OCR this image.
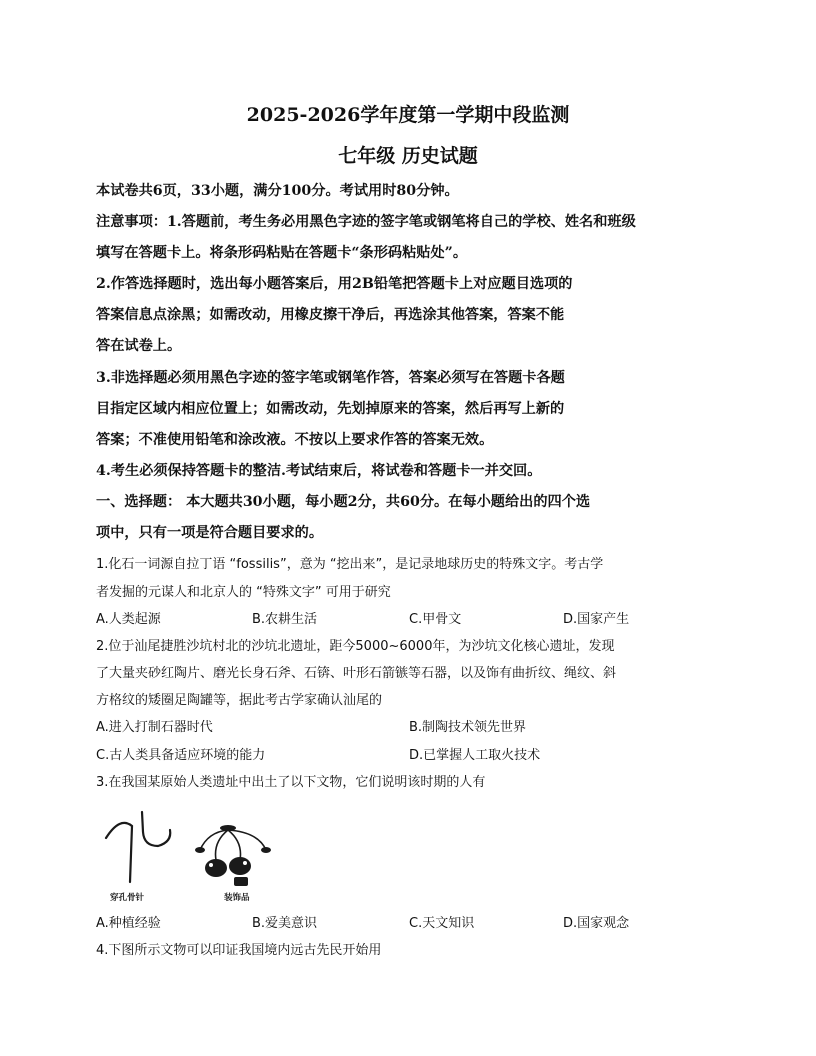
2025-2026学年度第一学期中段监测
七年级 历史试题
本试卷共6页，33小题，满分100分。考试用时80分钟。
注意事项：1.答题前，考生务必用黑色字迹的签字笔或钢笔将自己的学校、姓名和班级
填写在答题卡上。将条形码粘贴在答题卡“条形码粘贴处”。
2.作答选择题时，选出每小题答案后，用2B铅笔把答题卡上对应题目选项的
答案信息点涂黑；如需改动，用橡皮擦干净后，再选涂其他答案，答案不能
答在试卷上。
3.非选择题必须用黑色字迹的签字笔或钢笔作答，答案必须写在答题卡各题
目指定区域内相应位置上；如需改动，先划掉原来的答案，然后再写上新的
答案；不准使用铅笔和涂改液。不按以上要求作答的答案无效。
4.考生必须保持答题卡的整洁.考试结束后，将试卷和答题卡一并交回。
一、选择题： 本大题共30小题，每小题2分，共60分。在每小题给出的四个选
项中，只有一项是符合题目要求的。
1.化石一词源自拉丁语 “fossilis”，意为 “挖出来”，是记录地球历史的特殊文字。考古学
者发掘的元谋人和北京人的 “特殊文字” 可用于研究
A.人类起源	B.农耕生活	C.甲骨文	D.国家产生
2.位于汕尾捷胜沙坑村北的沙坑北遗址，距今5000~6000年，为沙坑文化核心遗址，发现
了大量夹砂红陶片、磨光长身石斧、石锛、叶形石箭镞等石器，以及饰有曲折纹、绳纹、斜
方格纹的矮圈足陶罐等，据此考古学家确认汕尾的
A.进入打制石器时代	B.制陶技术领先世界
C.古人类具备适应环境的能力	D.已掌握人工取火技术
3.在我国某原始人类遗址中出土了以下文物，它们说明该时期的人有
穿孔骨针	装饰品
A.种植经验	B.爱美意识	C.天文知识	D.国家观念
4.下图所示文物可以印证我国境内远古先民开始用
